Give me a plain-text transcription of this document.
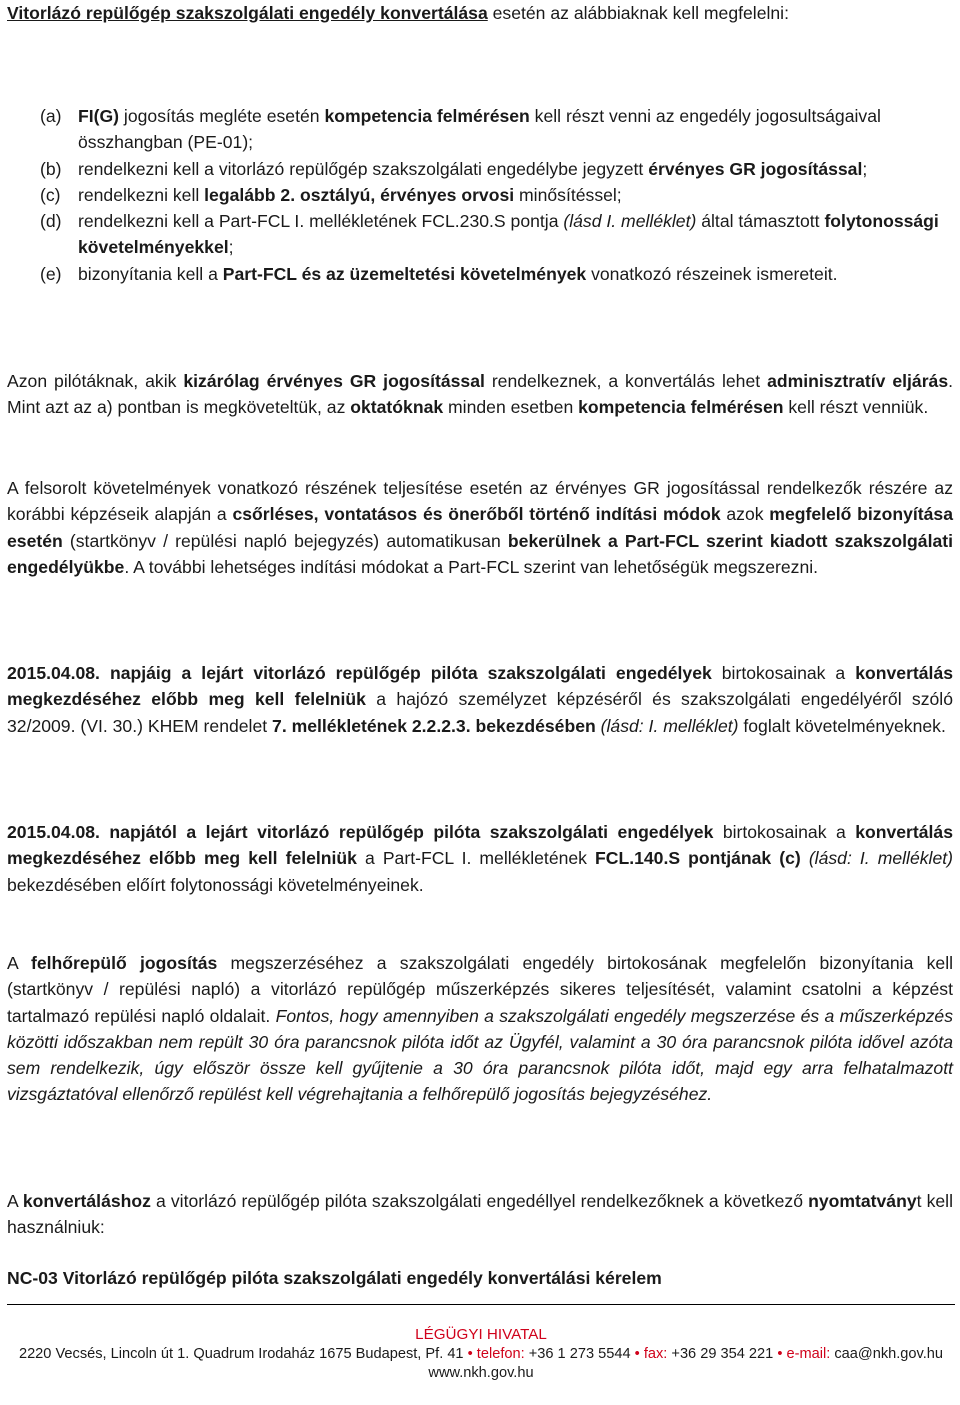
Vitorlázó repülőgép szakszolgálati engedély konvertálása esetén az alábbiaknak kell megfelelni:

(a) FI(G) jogosítás megléte esetén kompetencia felmérésen kell részt venni az engedély jogosultságaival összhangban (PE-01);
(b) rendelkezni kell a vitorlázó repülőgép szakszolgálati engedélybe jegyzett érvényes GR jogosítással;
(c) rendelkezni kell legalább 2. osztályú, érvényes orvosi minősítéssel;
(d) rendelkezni kell a Part-FCL I. mellékletének FCL.230.S pontja (lásd I. melléklet) által támasztott folytonossági követelményekkel;
(e) bizonyítania kell a Part-FCL és az üzemeltetési követelmények vonatkozó részeinek ismereteit.

Azon pilótáknak, akik kizárólag érvényes GR jogosítással rendelkeznek, a konvertálás lehet adminisztratív eljárás. Mint azt az a) pontban is megköveteltük, az oktatóknak minden esetben kompetencia felmérésen kell részt venniük.

A felsorolt követelmények vonatkozó részének teljesítése esetén az érvényes GR jogosítással rendelkezők részére az korábbi képzéseik alapján a csőrléses, vontatásos és önerőből történő indítási módok azok megfelelő bizonyítása esetén (startkönyv / repülési napló bejegyzés) automatikusan bekerülnek a Part-FCL szerint kiadott szakszolgálati engedélyükbe. A további lehetséges indítási módokat a Part-FCL szerint van lehetőségük megszerezni.

2015.04.08. napjáig a lejárt vitorlázó repülőgép pilóta szakszolgálati engedélyek birtokosainak a konvertálás megkezdéséhez előbb meg kell felelniük a hajózó személyzet képzéséről és szakszolgálati engedélyéről szóló 32/2009. (VI. 30.) KHEM rendelet 7. mellékletének 2.2.2.3. bekezdésében (lásd: I. melléklet) foglalt követelményeknek.

2015.04.08. napjától a lejárt vitorlázó repülőgép pilóta szakszolgálati engedélyek birtokosainak a konvertálás megkezdéséhez előbb meg kell felelniük a Part-FCL I. mellékletének FCL.140.S pontjának (c) (lásd: I. melléklet) bekezdésében előírt folytonossági követelményeinek.

A felhőrepülő jogosítás megszerzéséhez a szakszolgálati engedély birtokosának megfelelőn bizonyítania kell (startkönyv / repülési napló) a vitorlázó repülőgép műszerképzés sikeres teljesítését, valamint csatolni a képzést tartalmazó repülési napló oldalait. Fontos, hogy amennyiben a szakszolgálati engedély megszerzése és a műszerképzés közötti időszakban nem repült 30 óra parancsnok pilóta időt az Ügyfél, valamint a 30 óra parancsnok pilóta idővel azóta sem rendelkezik, úgy először össze kell gyűjtenie a 30 óra parancsnok pilóta időt, majd egy arra felhatalmazott vizsgáztatóval ellenőrző repülést kell végrehajtania a felhőrepülő jogosítás bejegyzéséhez.

A konvertáláshoz a vitorlázó repülőgép pilóta szakszolgálati engedéllyel rendelkezőknek a következő nyomtatványt kell használniuk:

NC-03 Vitorlázó repülőgép pilóta szakszolgálati engedély konvertálási kérelem

LÉGÜGYI HIVATAL
2220 Vecsés, Lincoln út 1. Quadrum Irodaház 1675 Budapest, Pf. 41 • telefon: +36 1 273 5544 • fax: +36 29 354 221 • e-mail: caa@nkh.gov.hu
www.nkh.gov.hu
